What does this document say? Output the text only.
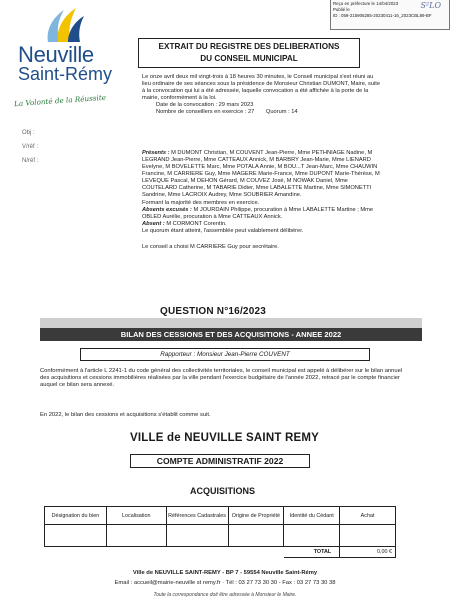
Reçu en préfecture le 14/04/2023
Publié le
ID : 059-215906285-20230411-16_2023CBL89-BF
S²LO
Neuville
Saint-Rémy
La Volonté de la Réussite
Obj :
V/réf :
N/réf :
EXTRAIT DU REGISTRE DES DELIBERATIONS
DU CONSEIL MUNICIPAL

Le onze avril deux mil vingt-trois à 18 heures 30 minutes, le Conseil municipal s'est réuni au lieu ordinaire de ses séances sous la présidence de Monsieur Christian DUMONT, Maire, suite à la convocation qui lui a été adressée, laquelle convocation a été affichée à la porte de la mairie, conformément à la loi.

Date de la convocation : 29 mars 2023

Nombre de conseillers en exercice : 27 Quorum : 14

Présents : M DUMONT Christian, M COUVENT Jean-Pierre, Mme PETHNIAGE Nadine, M LEGRAND Jean-Pierre, Mme CATTEAUX Annick, M BARBRY Jean-Marie, Mme LIENARD Evelyne, M BOVELETTE Marc, Mme POTALA Annie, M BOU...T Jean-Marc, Mme CHAUWIN Francine, M CARRIERE Guy, Mme MAGERE Marie-France, Mme DUPONT Marie-Thérèse, M LEVEQUE Pascal, M DEHON Gérard, M COUVEZ José, M NOWAK Daniel, Mme COUTELARD Catherine, M TABARIE Didier, Mme LABALETTE Martine, Mme SIMONETTI Sandrine, Mme LACROIX Audrey, Mme SOUBRIER Amandine.

Formant la majorité des membres en exercice.

Absents excusés : M JOURDAIN Philippe, procuration à Mme LABALETTE Martine ; Mme OBLED Aurélie, procuration à Mme CATTEAUX Annick.

Absent : M CORMONT Corentin.

Le quorum étant atteint, l'assemblée peut valablement délibérer.

Le conseil a choisi M CARRIERE Guy pour secrétaire.

QUESTION N°16/2023
BILAN DES CESSIONS ET DES ACQUISITIONS - ANNEE 2022
Rapporteur : Monsieur Jean-Pierre COUVENT
Conformément à l'article L 2241-1 du code général des collectivités territoriales, le conseil municipal est appelé à délibérer sur le bilan annuel des acquisitions et cessions immobilières réalisées par la ville pendant l'exercice budgétaire de l'année 2022, retracé par le compte financier auquel ce bilan sera annexé.
En 2022, le bilan des cessions et acquisitions s'établit comme suit.
VILLE de NEUVILLE SAINT REMY
COMPTE ADMINISTRATIF 2022
ACQUISITIONS
Désignation du bien	Localisation	Références Cadastrales	Origine de Propriété	Identité du Cédant	Achat

				TOTAL	0,00 €
Ville de NEUVILLE SAINT-REMY - BP 7 - 59554 Neuville Saint-Rémy
Email : accueil@mairie-neuville st remy.fr · Tél : 03 27 73 30 30 - Fax : 03 27 73 30 38
Toute la correspondance doit être adressée à Monsieur le Maire.
